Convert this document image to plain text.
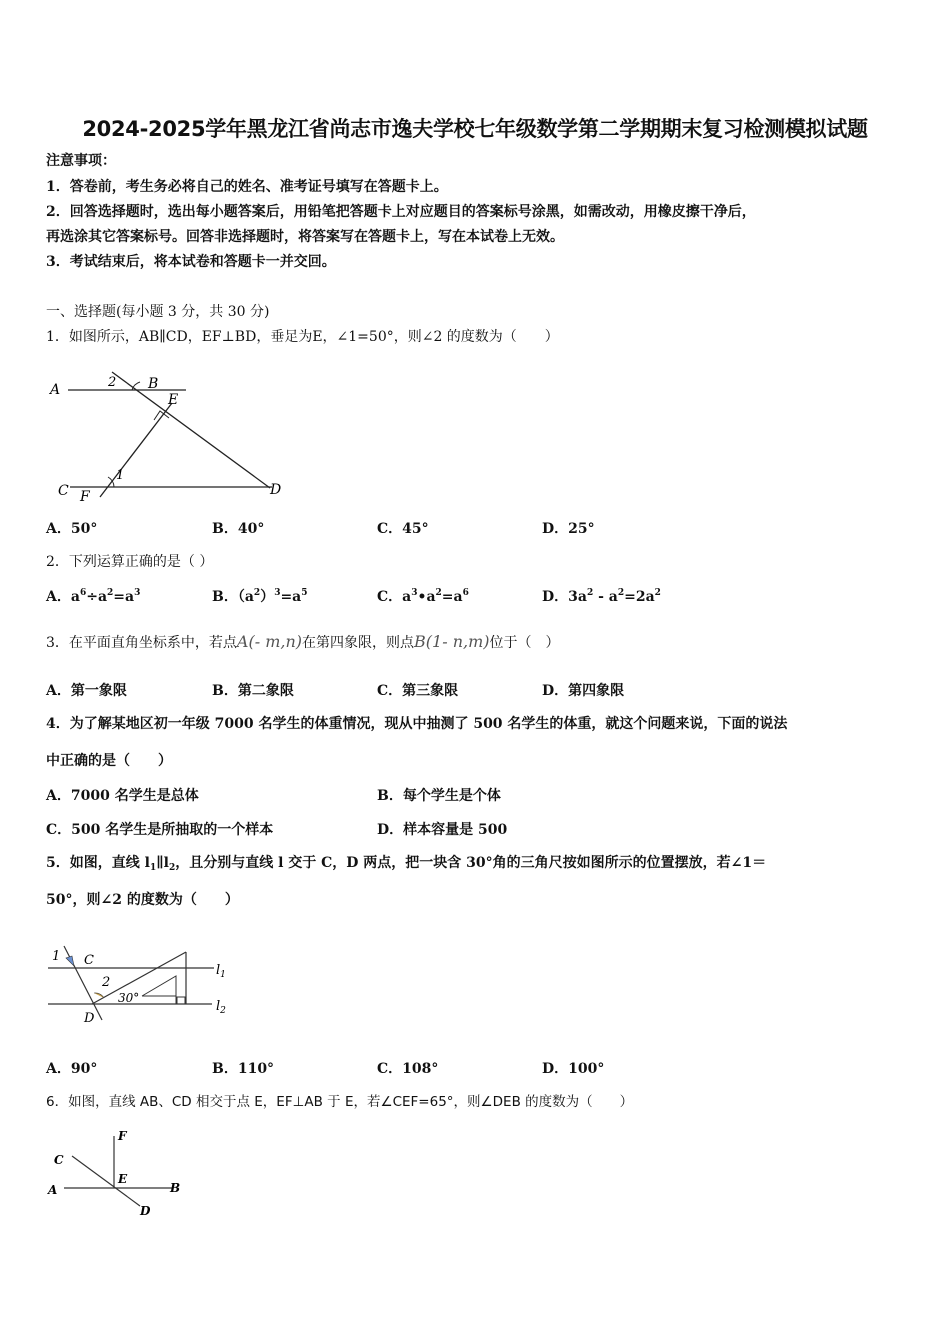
2024-2025学年黑龙江省尚志市逸夫学校七年级数学第二学期期末复习检测模拟试题
注意事项：
1．答卷前，考生务必将自己的姓名、准考证号填写在答题卡上。
2．回答选择题时，选出每小题答案后，用铅笔把答题卡上对应题目的答案标号涂黑，如需改动，用橡皮擦干净后，
再选涂其它答案标号。回答非选择题时，将答案写在答题卡上，写在本试卷上无效。
3．考试结束后，将本试卷和答题卡一并交回。
一、选择题(每小题 3 分，共 30 分)
1．如图所示，AB∥CD，EF⊥BD，垂足为E，∠1=50°，则∠2 的度数为（　　）
A	B
E
C F	D
1
2
A．50°	B．40°	C．45°	D．25°
2．下列运算正确的是（ ）
A．$a^6\div a^2=a^3$	B．$(a^2)^3=a^5$	C．$a^3•a^2=a^6$	D．$3a^2 - a^2=2a^2$
3．在平面直角坐标系中，若点A(- m,n)在第四象限，则点B(1- n,m)位于（　）
A．第一象限	B．第二象限	C．第三象限	D．第四象限
4．为了解某地区初一年级 7000 名学生的体重情况，现从中抽测了 500 名学生的体重，就这个问题来说，下面的说法
中正确的是（　　）
A．7000 名学生是总体	B．每个学生是个体
C．500 名学生是所抽取的一个样本	D．样本容量是 500
5．如图，直线 $l_1\parallel l_2$，且分别与直线 l 交于 C，D 两点，把一块含 30°角的三角尺按如图所示的位置摆放，若∠1＝
50°，则∠2 的度数为（　　）
1 C
2
30°
D
$l_1$
$l_2$
A．90°	B．110°	C．108°	D．100°
6．如图，直线 AB、CD 相交于点 E，EF⊥AB 于 E，若∠CEF=65°，则∠DEB 的度数为（　　）
F
C
E
A	B
D
